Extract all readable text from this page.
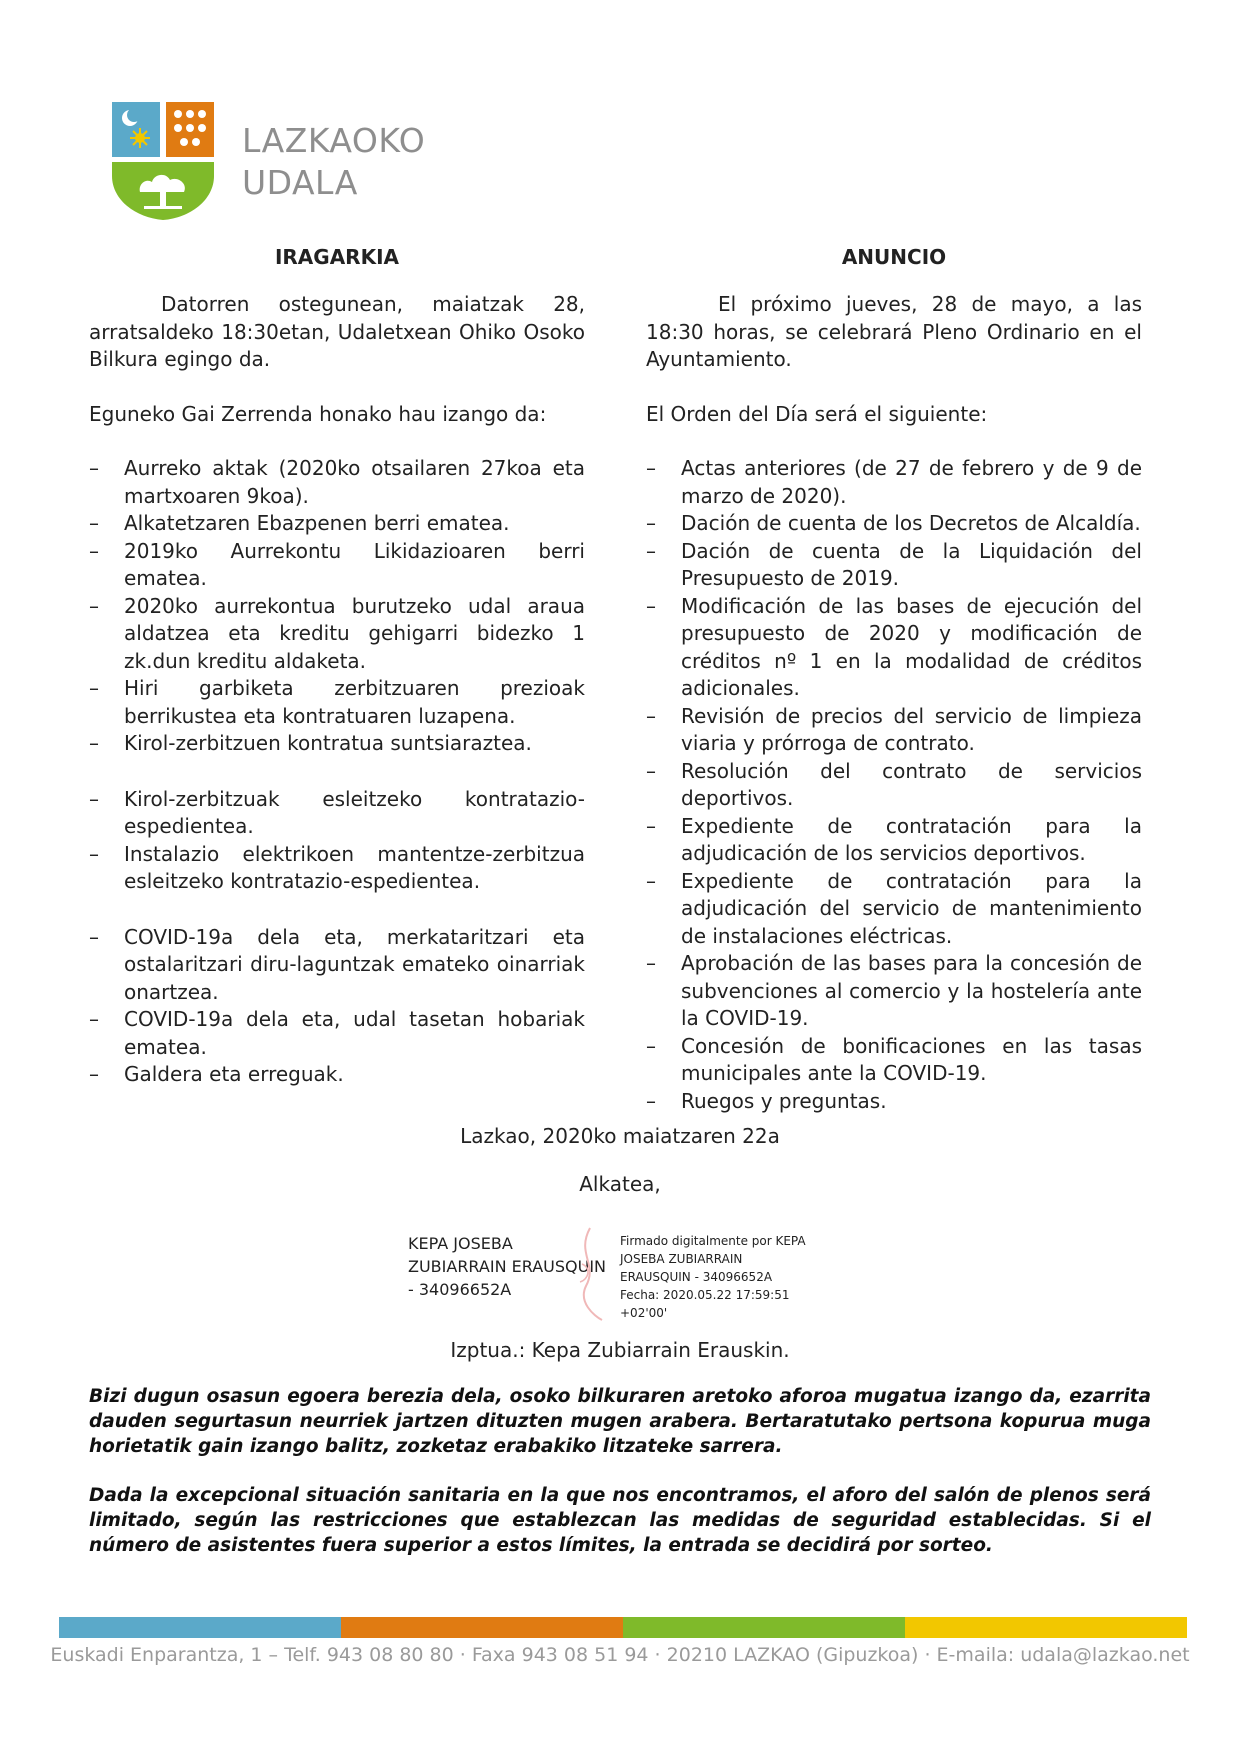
LAZKAOKO
UDALA
IRAGARKIA

Datorren ostegunean, maiatzak 28, arratsaldeko 18:30etan, Udaletxean Ohiko Osoko Bilkura egingo da.

Eguneko Gai Zerrenda honako hau izango da:

– Aurreko aktak (2020ko otsailaren 27koa eta martxoaren 9koa).
– Alkatetzaren Ebazpenen berri ematea.
– 2019ko Aurrekontu Likidazioaren berri ematea.
– 2020ko aurrekontua burutzeko udal araua aldatzea eta kreditu gehigarri bidezko 1 zk.dun kreditu aldaketa.
– Hiri garbiketa zerbitzuaren prezioak berrikustea eta kontratuaren luzapena.
– Kirol-zerbitzuen kontratua suntsiaraztea.
– Kirol-zerbitzuak esleitzeko kontratazio-espedientea.
– Instalazio elektrikoen mantentze-zerbitzua esleitzeko kontratazio-espedientea.
– COVID-19a dela eta, merkataritzari eta ostalaritzari diru-laguntzak emateko oinarriak onartzea.
– COVID-19a dela eta, udal tasetan hobariak ematea.
– Galdera eta erreguak.
ANUNCIO

El próximo jueves, 28 de mayo, a las 18:30 horas, se celebrará Pleno Ordinario en el Ayuntamiento.

El Orden del Día será el siguiente:

– Actas anteriores (de 27 de febrero y de 9 de marzo de 2020).
– Dación de cuenta de los Decretos de Alcaldía.
– Dación de cuenta de la Liquidación del Presupuesto de 2019.
– Modificación de las bases de ejecución del presupuesto de 2020 y modificación de créditos nº 1 en la modalidad de créditos adicionales.
– Revisión de precios del servicio de limpieza viaria y prórroga de contrato.
– Resolución del contrato de servicios deportivos.
– Expediente de contratación para la adjudicación de los servicios deportivos.
– Expediente de contratación para la adjudicación del servicio de mantenimiento de instalaciones eléctricas.
– Aprobación de las bases para la concesión de subvenciones al comercio y la hostelería ante la COVID-19.
– Concesión de bonificaciones en las tasas municipales ante la COVID-19.
– Ruegos y preguntas.
Lazkao, 2020ko maiatzaren 22a
Alkatea,
KEPA JOSEBA
ZUBIARRAIN ERAUSQUIN
- 34096652A
Firmado digitalmente por KEPA
JOSEBA ZUBIARRAIN
ERAUSQUIN - 34096652A
Fecha: 2020.05.22 17:59:51
+02'00'
Izptua.: Kepa Zubiarrain Erauskin.
Bizi dugun osasun egoera berezia dela, osoko bilkuraren aretoko aforoa mugatua izango da, ezarrita dauden segurtasun neurriek jartzen dituzten mugen arabera. Bertaratutako pertsona kopurua muga horietatik gain izango balitz, zozketaz erabakiko litzateke sarrera.
Dada la excepcional situación sanitaria en la que nos encontramos, el aforo del salón de plenos será limitado, según las restricciones que establezcan las medidas de seguridad establecidas. Si el número de asistentes fuera superior a estos límites, la entrada se decidirá por sorteo.
Euskadi Enparantza, 1 – Telf. 943 08 80 80 · Faxa 943 08 51 94 · 20210 LAZKAO (Gipuzkoa) · E-maila: udala@lazkao.net
